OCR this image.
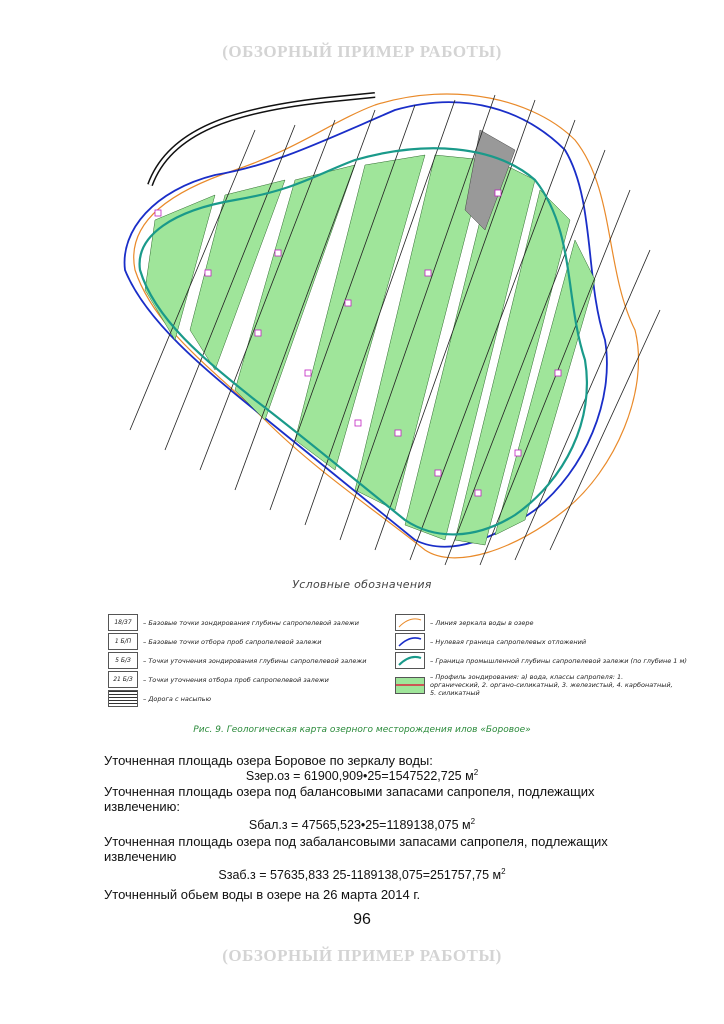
(ОБЗОРНЫЙ ПРИМЕР РАБОТЫ)
Условные обозначения
18/37	– Базовые точки зондирования глубины сапропелевой залежи
1 Б/П	– Базовые точки отбора проб сапропелевой залежи
5 Б/З	– Точки уточнения зондирования глубины сапропелевой залежи
21 Б/З	– Точки уточнения отбора проб сапропелевой залежи
– Дорога с насыпью
– Линия зеркала воды в озере
– Нулевая граница сапропелевых отложений
– Граница промышленной глубины сапропелевой залежи (по глубине 1 м)
– Профиль зондирования: а) вода, классы сапропеля: 1. органический, 2. органо-силикатный, 3. железистый, 4. карбонатный, 5. силикатный
Рис. 9. Геологическая карта озерного месторождения илов «Боровое»
Уточненная площадь озера Боровое по зеркалу воды:
Sзер.оз = 61900,909•25=1547522,725 $м^2$
Уточненная площадь озера под балансовыми запасами сапропеля, подлежащих
извлечению:
Sбал.з = 47565,523•25=1189138,075 $м^2$
Уточненная площадь озера под забалансовыми запасами сапропеля, подлежащих
извлечению
Sзаб.з = 57635,833 25-1189138,075=251757,75 $м^2$
Уточненный обьем воды в озере на 26 марта 2014 г.
96
(ОБЗОРНЫЙ ПРИМЕР РАБОТЫ)
